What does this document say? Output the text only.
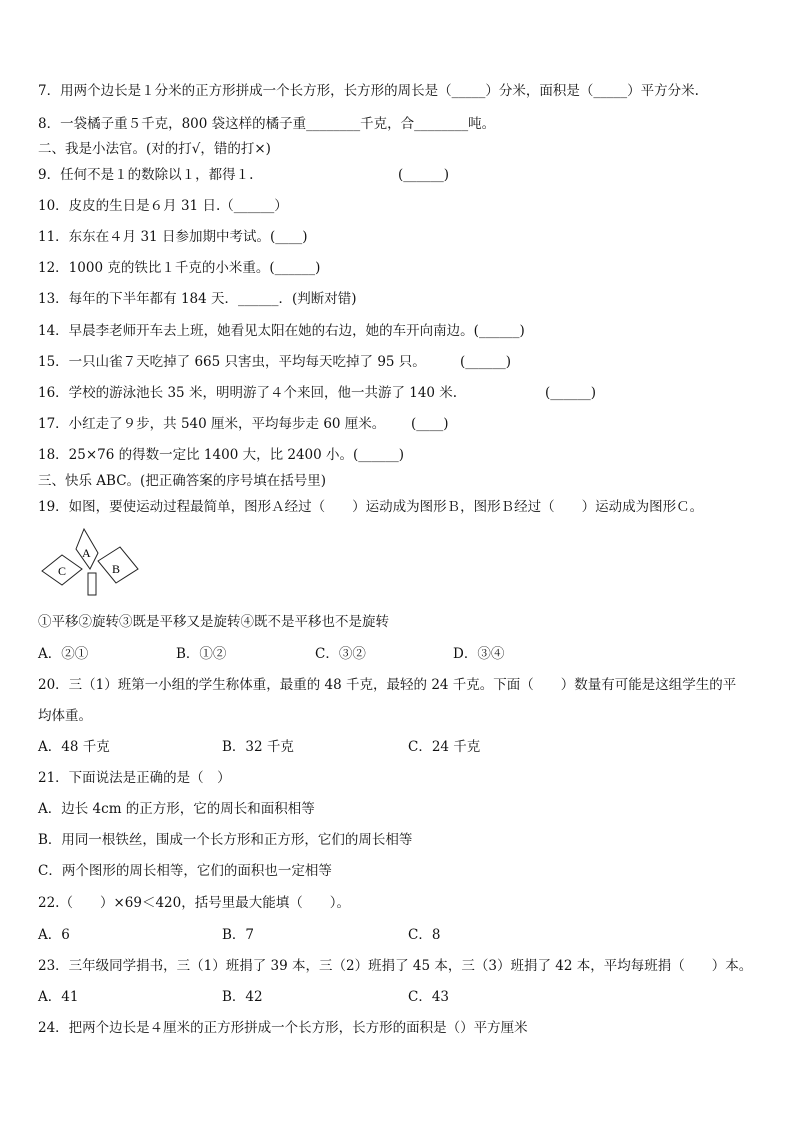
7．用两个边长是１分米的正方形拼成一个长方形，长方形的周长是（_____）分米，面积是（_____）平方分米.
8．一袋橘子重５千克，800 袋这样的橘子重________千克，合________吨。
二、我是小法官。(对的打√，错的打×)
9．任何不是１的数除以１，都得１.	(______)
10．皮皮的生日是６月 31 日.（______）
11．东东在４月 31 日参加期中考试。(____)
12．1000 克的铁比１千克的小米重。(______)
13．每年的下半年都有 184 天．______．(判断对错)
14．早晨李老师开车去上班，她看见太阳在她的右边，她的车开向南边。(______)
15．一只山雀７天吃掉了 665 只害虫，平均每天吃掉了 95 只。	(______)
16．学校的游泳池长 35 米，明明游了４个来回，他一共游了 140 米.	(______)
17．小红走了９步，共 540 厘米，平均每步走 60 厘米。 (____)
18．25×76 的得数一定比 1400 大，比 2400 小。(______)
三、快乐 ABC。(把正确答案的序号填在括号里)
19．如图，要使运动过程最简单，图形Ａ经过（　　）运动成为图形Ｂ，图形Ｂ经过（　　）运动成为图形Ｃ。
A
B
C
①平移②旋转③既是平移又是旋转④既不是平移也不是旋转
A．②①	B．①②	C．③②	D．③④
20．三（1）班第一小组的学生称体重，最重的 48 千克，最轻的 24 千克。下面（　　）数量有可能是这组学生的平
均体重。
A．48 千克	B．32 千克	C．24 千克
21．下面说法是正确的是（　）
A．边长 4cm 的正方形，它的周长和面积相等
B．用同一根铁丝，围成一个长方形和正方形，它们的周长相等
C．两个图形的周长相等，它们的面积也一定相等
22.（　　）×69＜420，括号里最大能填（　　）。
A．6	B．7	C．8
23．三年级同学捐书，三（1）班捐了 39 本，三（2）班捐了 45 本，三（3）班捐了 42 本，平均每班捐（　　）本。
A．41	B．42	C．43
24．把两个边长是４厘米的正方形拼成一个长方形，长方形的面积是（）平方厘米
